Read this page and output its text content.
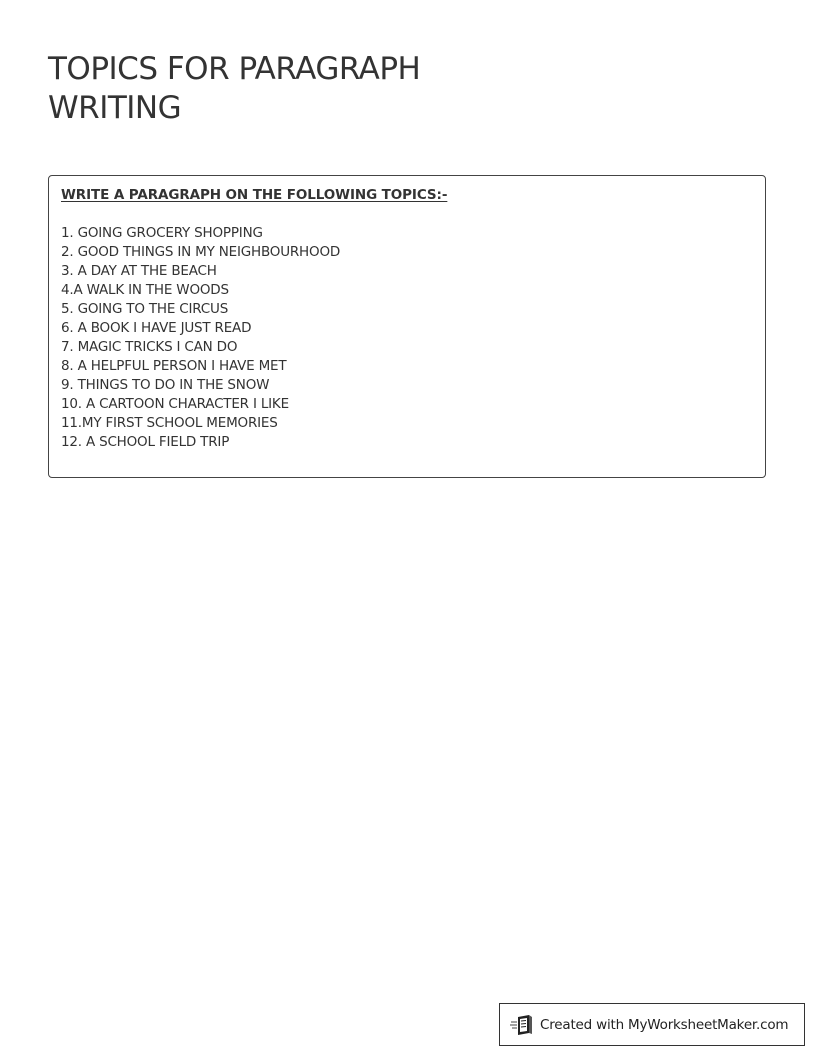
TOPICS FOR PARAGRAPH
WRITING

WRITE A PARAGRAPH ON THE FOLLOWING TOPICS:-

1. GOING GROCERY SHOPPING
2. GOOD THINGS IN MY NEIGHBOURHOOD
3. A DAY AT THE BEACH
4.A WALK IN THE WOODS
5. GOING TO THE CIRCUS
6. A BOOK I HAVE JUST READ
7. MAGIC TRICKS I CAN DO
8. A HELPFUL PERSON I HAVE MET
9. THINGS TO DO IN THE SNOW
10. A CARTOON CHARACTER I LIKE
11.MY FIRST SCHOOL MEMORIES
12. A SCHOOL FIELD TRIP
Created with MyWorksheetMaker.com
